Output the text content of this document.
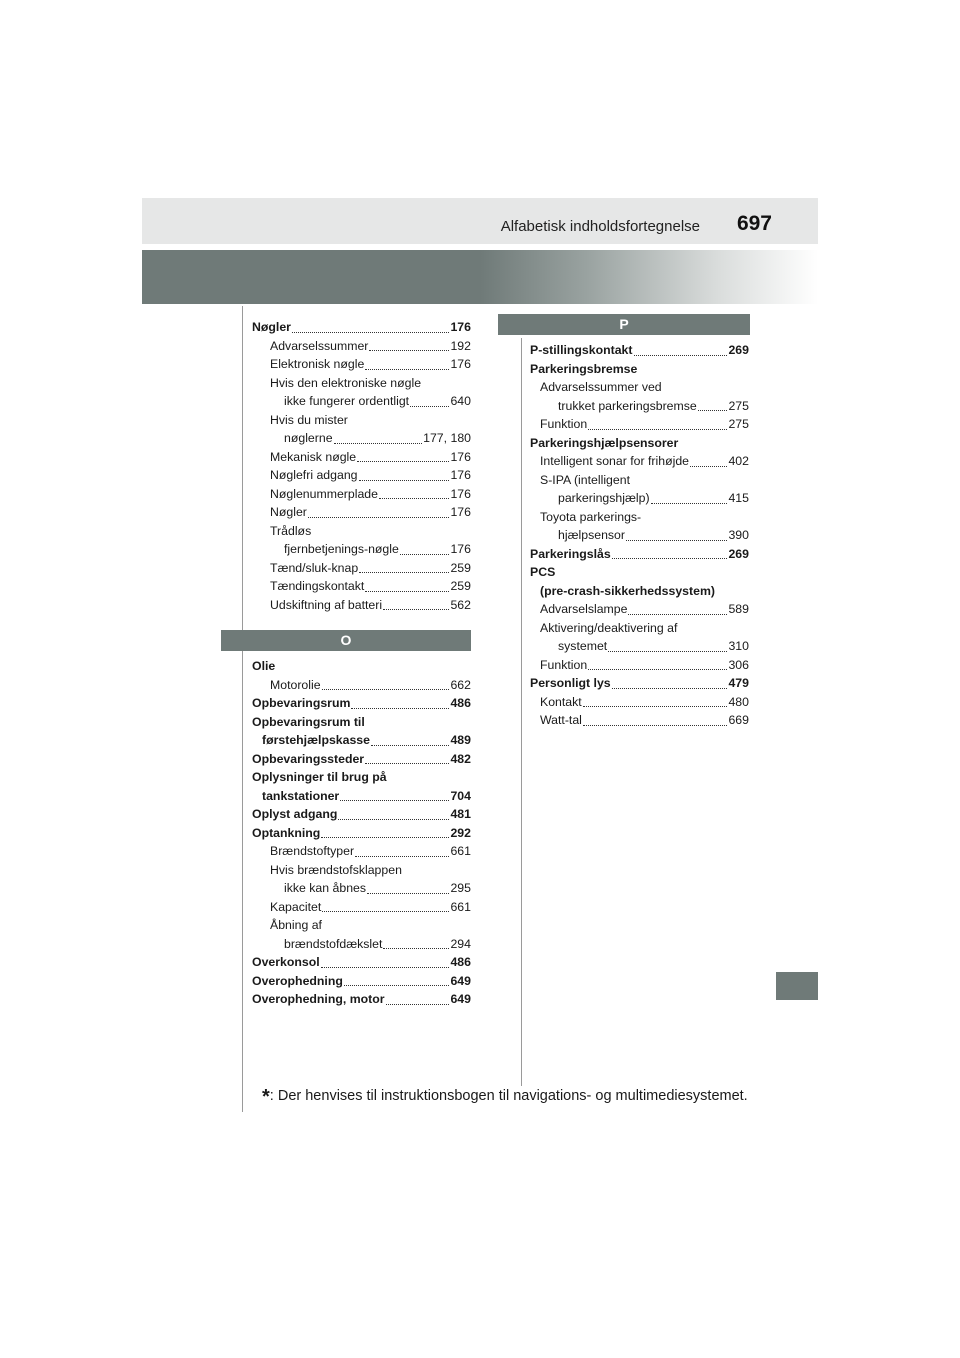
Alfabetisk indholdsfortegnelse 697
P
Nøgler	176
Advarselssummer	192
Elektronisk nøgle	176
Hvis den elektroniske nøgle
ikke fungerer ordentligt	640
Hvis du mister
nøglerne	177, 180
Mekanisk nøgle	176
Nøglefri adgang	176
Nøglenummerplade	176
Nøgler	176
Trådløs
fjernbetjenings-nøgle	176
Tænd/sluk-knap	259
Tændingskontakt	259
Udskiftning af batteri	562
O
Olie
Motorolie	662
Opbevaringsrum	486
Opbevaringsrum til
førstehjælpskasse	489
Opbevaringssteder	482
Oplysninger til brug på
tankstationer	704
Oplyst adgang	481
Optankning	292
Brændstoftyper	661
Hvis brændstofsklappen
ikke kan åbnes	295
Kapacitet	661
Åbning af
brændstofdækslet	294
Overkonsol	486
Overophedning	649
Overophedning, motor	649
P-stillingskontakt	269
Parkeringsbremse
Advarselssummer ved
trukket parkeringsbremse	275
Funktion	275
Parkeringshjælpsensorer
Intelligent sonar for frihøjde	402
S-IPA (intelligent
parkeringshjælp)	415
Toyota parkerings-
hjælpsensor	390
Parkeringslås	269
PCS
(pre-crash-sikkerhedssystem)
Advarselslampe	589
Aktivering/deaktivering af
systemet	310
Funktion	306
Personligt lys	479
Kontakt	480
Watt-tal	669
*: Der henvises til instruktionsbogen til navigations- og multimediesystemet.
